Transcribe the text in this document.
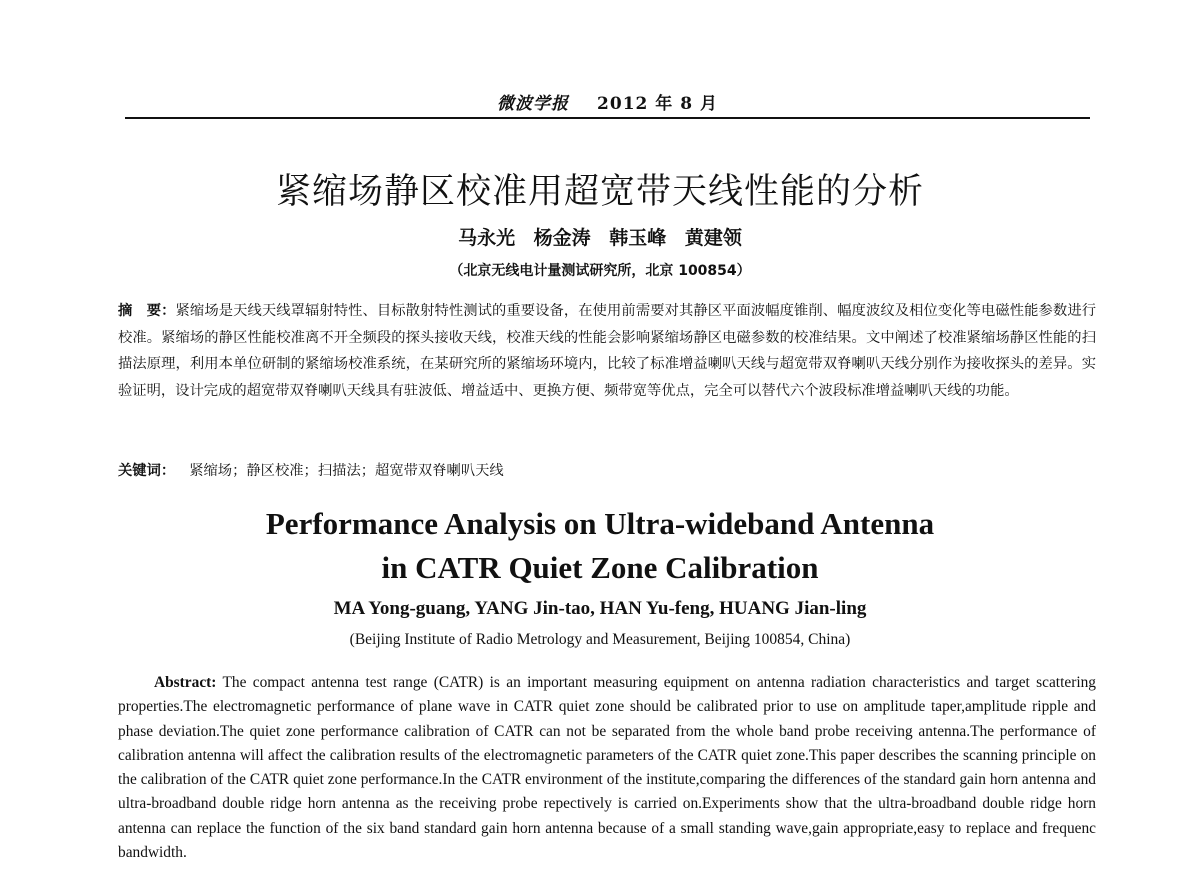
微波学报 2012 年 8 月
紧缩场静区校准用超宽带天线性能的分析
马永光 杨金涛 韩玉峰 黄建领
（北京无线电计量测试研究所，北京 100854）
摘　要：紧缩场是天线天线罩辐射特性、目标散射特性测试的重要设备，在使用前需要对其静区平面波幅度锥削、幅度波纹及相位变化等电磁性能参数进行校准。紧缩场的静区性能校准离不开全频段的探头接收天线，校准天线的性能会影响紧缩场静区电磁参数的校准结果。文中阐述了校准紧缩场静区性能的扫描法原理，利用本单位研制的紧缩场校准系统，在某研究所的紧缩场环境内，比较了标准增益喇叭天线与超宽带双脊喇叭天线分别作为接收探头的差异。实验证明，设计完成的超宽带双脊喇叭天线具有驻波低、增益适中、更换方便、频带宽等优点，完全可以替代六个波段标准增益喇叭天线的功能。
关键词： 紧缩场；静区校准；扫描法；超宽带双脊喇叭天线
Performance Analysis on Ultra-wideband Antenna
in CATR Quiet Zone Calibration
MA Yong-guang, YANG Jin-tao, HAN Yu-feng, HUANG Jian-ling
(Beijing Institute of Radio Metrology and Measurement, Beijing 100854, China)
Abstract: The compact antenna test range (CATR) is an important measuring equipment on antenna radiation characteristics and target scattering properties.The electromagnetic performance of plane wave in CATR quiet zone should be calibrated prior to use on amplitude taper,amplitude ripple and phase deviation.The quiet zone performance calibration of CATR can not be separated from the whole band probe receiving antenna.The performance of calibration antenna will affect the calibration results of the electromagnetic parameters of the CATR quiet zone.This paper describes the scanning principle on the calibration of the CATR quiet zone performance.In the CATR environment of the institute,comparing the differences of the standard gain horn antenna and ultra-broadband double ridge horn antenna as the receiving probe repectively is carried on.Experiments show that the ultra-broadband double ridge horn antenna can replace the function of the six band standard gain horn antenna because of a small standing wave,gain appropriate,easy to replace and frequenc bandwidth.
